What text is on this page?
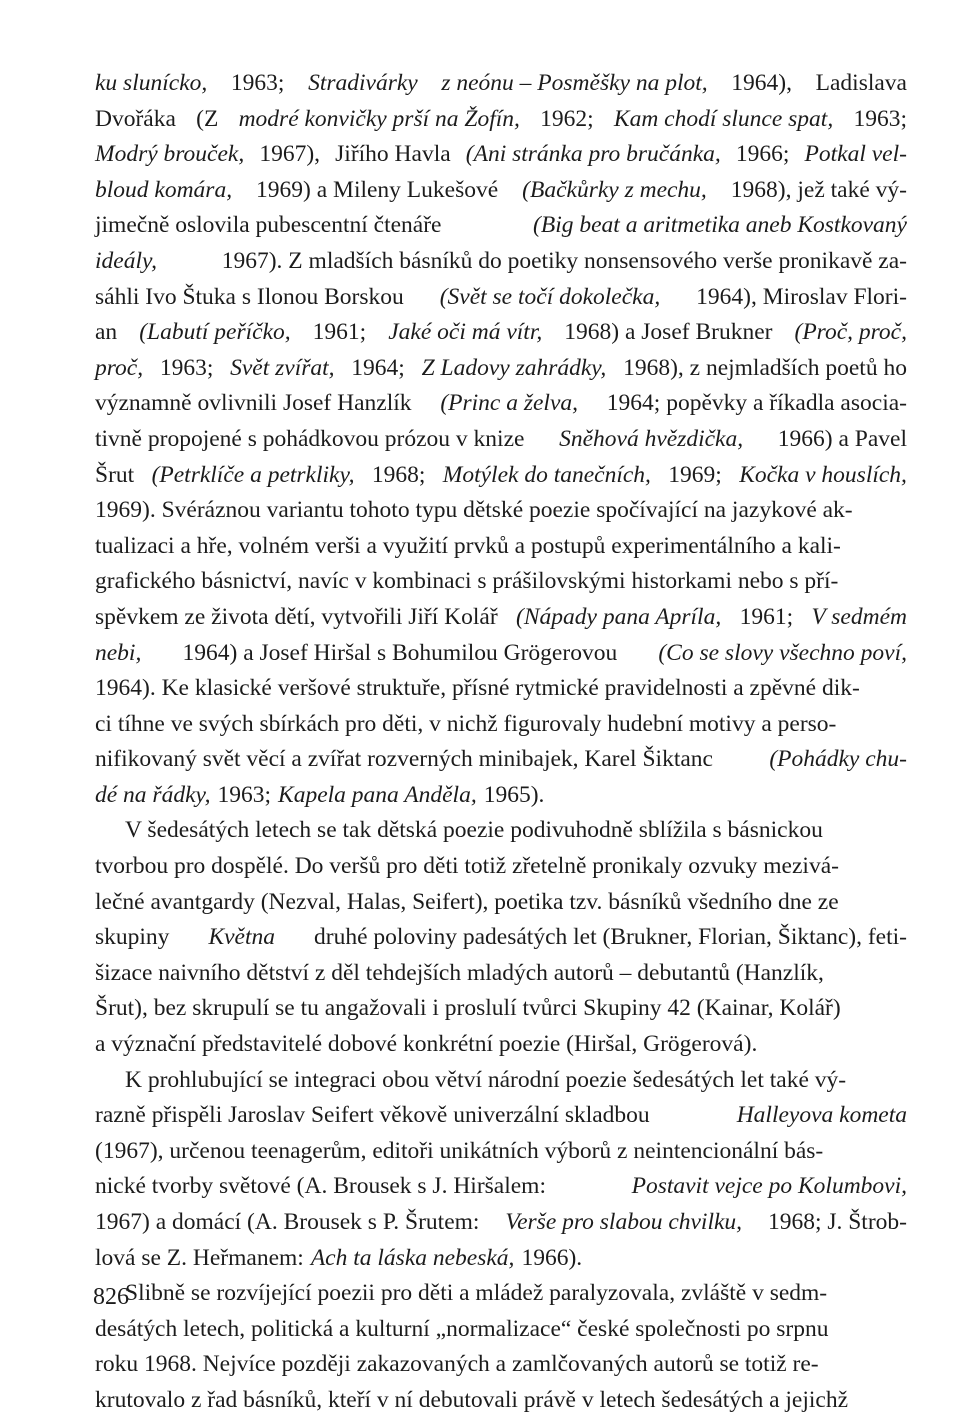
ku slunícko, 1963; Stradivárky z neónu – Posměšky na plot, 1964), Ladislava
Dvořáka (Z modré konvičky prší na Žofín, 1962; Kam chodí slunce spat, 1963;
Modrý brouček, 1967), Jiřího Havla (Ani stránka pro bručánka, 1966; Potkal vel-
bloud komára, 1969) a Mileny Lukešové (Bačkůrky z mechu, 1968), jež také vý-
jimečně oslovila pubescentní čtenáře	(Big beat a aritmetika aneb Kostkovaný
ideály,	1967). Z mladších básníků do poetiky nonsensového verše pronikavě za-
sáhli Ivo Štuka s Ilonou Borskou (Svět se točí dokolečka, 1964), Miroslav Flori-
an (Labutí peříčko, 1961; Jaké oči má vítr, 1968) a Josef Brukner (Proč, proč,
proč, 1963; Svět zvířat, 1964; Z Ladovy zahrádky, 1968), z nejmladších poetů ho
významně ovlivnili Josef Hanzlík (Princ a želva, 1964; popěvky a říkadla asocia-
tivně propojené s pohádkovou prózou v knize Sněhová hvězdička, 1966) a Pavel
Šrut (Petrklíče a petrkliky, 1968; Motýlek do tanečních, 1969; Kočka v houslích,
1969). Svéráznou variantu tohoto typu dětské poezie spočívající na jazykové ak-
tualizaci a hře, volném verši a využití prvků a postupů experimentálního a kali-
grafického básnictví, navíc v kombinaci s prášilovskými historkami nebo s pří-
spěvkem ze života dětí, vytvořili Jiří Kolář (Nápady pana Apríla, 1961; V sedmém
nebi, 1964) a Josef Hiršal s Bohumilou Grögerovou (Co se slovy všechno poví,
1964). Ke klasické veršové struktuře, přísné rytmické pravidelnosti a zpěvné dik-
ci tíhne ve svých sbírkách pro děti, v nichž figurovaly hudební motivy a perso-
nifikovaný svět věcí a zvířat rozverných minibajek, Karel Šiktanc (Pohádky chu-
dé na řádky, 1963; Kapela pana Anděla, 1965).
V šedesátých letech se tak dětská poezie podivuhodně sblížila s básnickou
tvorbou pro dospělé. Do veršů pro děti totiž zřetelně pronikaly ozvuky mezivá-
lečné avantgardy (Nezval, Halas, Seifert), poetika tzv. básníků všedního dne ze
skupiny Května druhé poloviny padesátých let (Brukner, Florian, Šiktanc), feti-
šizace naivního dětství z děl tehdejších mladých autorů – debutantů (Hanzlík,
Šrut), bez skrupulí se tu angažovali i proslulí tvůrci Skupiny 42 (Kainar, Kolář)
a význační představitelé dobové konkrétní poezie (Hiršal, Grögerová).
K prohlubující se integraci obou větví národní poezie šedesátých let také vý-
razně přispěli Jaroslav Seifert věkově univerzální skladbou	Halleyova kometa
(1967), určenou teenagerům, editoři unikátních výborů z neintencionální bás-
nické tvorby světové (A. Brousek s J. Hiršalem:	Postavit vejce po Kolumbovi,
1967) a domácí (A. Brousek s P. Šrutem: Verše pro slabou chvilku, 1968; J. Štrob-
lová se Z. Heřmanem: Ach ta láska nebeská, 1966).
Slibně se rozvíjející poezii pro děti a mládež paralyzovala, zvláště v sedm-
desátých letech, politická a kulturní „normalizace“ české společnosti po srpnu
roku 1968. Nejvíce později zakazovaných a zamlčovaných autorů se totiž re-
krutovalo z řad básníků, kteří v ní debutovali právě v letech šedesátých a jejichž
826
